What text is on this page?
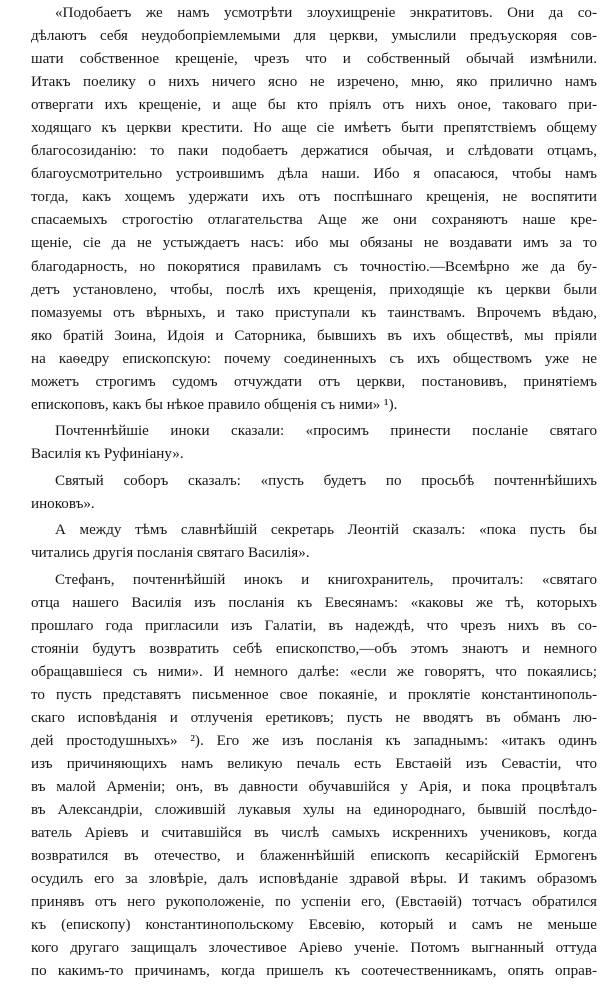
«Подобаетъ же намъ усмотрѣти злоухищреніе энкратитовъ. Они да со-
дѣлаютъ себя неудобопріемлемыми для церкви, умыслили предъускоряя сов-
шати собственное крещеніе, чрезъ что и собственный обычай измѣнили.
Итакъ поелику о нихъ ничего ясно не изречено, мню, яко прилично намъ
отвергати ихъ крещеніе, и аще бы кто пріялъ отъ нихъ оное, таковаго при-
ходящаго къ церкви крестити. Но аще сіе имѣетъ быти препятствіемъ общему
благосозиданію: то паки подобаетъ держатися обычая, и слѣдовати отцамъ,
благоусмотрительно устроившимъ дѣла наши. Ибо я опасаюся, чтобы намъ
тогда, какъ хощемъ удержати ихъ отъ поспѣшнаго крещенія, не воспятити
спасаемыхъ строгостію отлагательства Аще же они сохраняютъ наше кре-
щеніе, сіе да не устыждаетъ насъ: ибо мы обязаны не воздавати имъ за то
благодарность, но покорятися правиламъ съ точностію.—Всемѣрно же да бу-
детъ установлено, чтобы, послѣ ихъ крещенія, приходящіе къ церкви были
помазуемы отъ вѣрныхъ, и тако приступали къ таинствамъ. Впрочемъ вѣдаю,
яко братій Зоина, Идоія и Саторника, бывшихъ въ ихъ обществѣ, мы пріяли
на каѳедру епископскую: почему соединенныхъ съ ихъ обществомъ уже не
можетъ строгимъ судомъ отчуждати отъ церкви, постановивъ, принятіемъ
епископовъ, какъ бы нѣкое правило общенія съ ними» ¹).
Почтеннѣйшіе иноки сказали: «просимъ принести посланіе святаго
Василія къ Руфиніану».
Святый соборъ сказалъ: «пусть будетъ по просьбѣ почтеннѣйшихъ
иноковъ».
А между тѣмъ славнѣйшій секретарь Леонтій сказалъ: «пока пусть бы
читались другія посланія святаго Василія».
Стефанъ, почтеннѣйшій инокъ и книгохранитель, прочиталъ: «святаго
отца нашего Василія изъ посланія къ Евесянамъ: «каковы же тѣ, которыхъ
прошлаго года пригласили изъ Галатіи, въ надеждѣ, что чрезъ нихъ въ со-
стояніи будутъ возвратить себѣ епископство,—объ этомъ знаютъ и немного
обращавшіеся съ ними». И немного далѣе: «если же говорятъ, что покаялись;
то пусть представятъ письменное свое покаяніе, и проклятіе константинополь-
скаго исповѣданія и отлученія еретиковъ; пусть не вводятъ въ обманъ лю-
дей простодушныхъ» ²). Его же изъ посланія къ западнымъ: «итакъ одинъ
изъ причиняющихъ намъ великую печаль есть Евстаѳій изъ Севастіи, что
въ малой Арменіи; онъ, въ давности обучавшійся у Арія, и пока процвѣталъ
въ Александріи, сложившій лукавыя хулы на единороднаго, бывшій послѣдо-
ватель Аріевъ и считавшійся въ числѣ самыхъ искреннихъ учениковъ, когда
возвратился въ отечество, и блаженнѣйшій епископъ кесарійскій Ермогенъ
осудилъ его за зловѣріе, далъ исповѣданіе здравой вѣры. И такимъ образомъ
принявъ отъ него рукоположеніе, по успеніи его, (Евстаѳій) тотчасъ обратился
къ (епископу) константинопольскому Евсевію, который и самъ не меньше
кого другаго защищалъ злочестивое Аріево ученіе. Потомъ выгнанный оттуда
по какимъ-то причинамъ, когда пришелъ къ соотечественникамъ, опять оправ-
